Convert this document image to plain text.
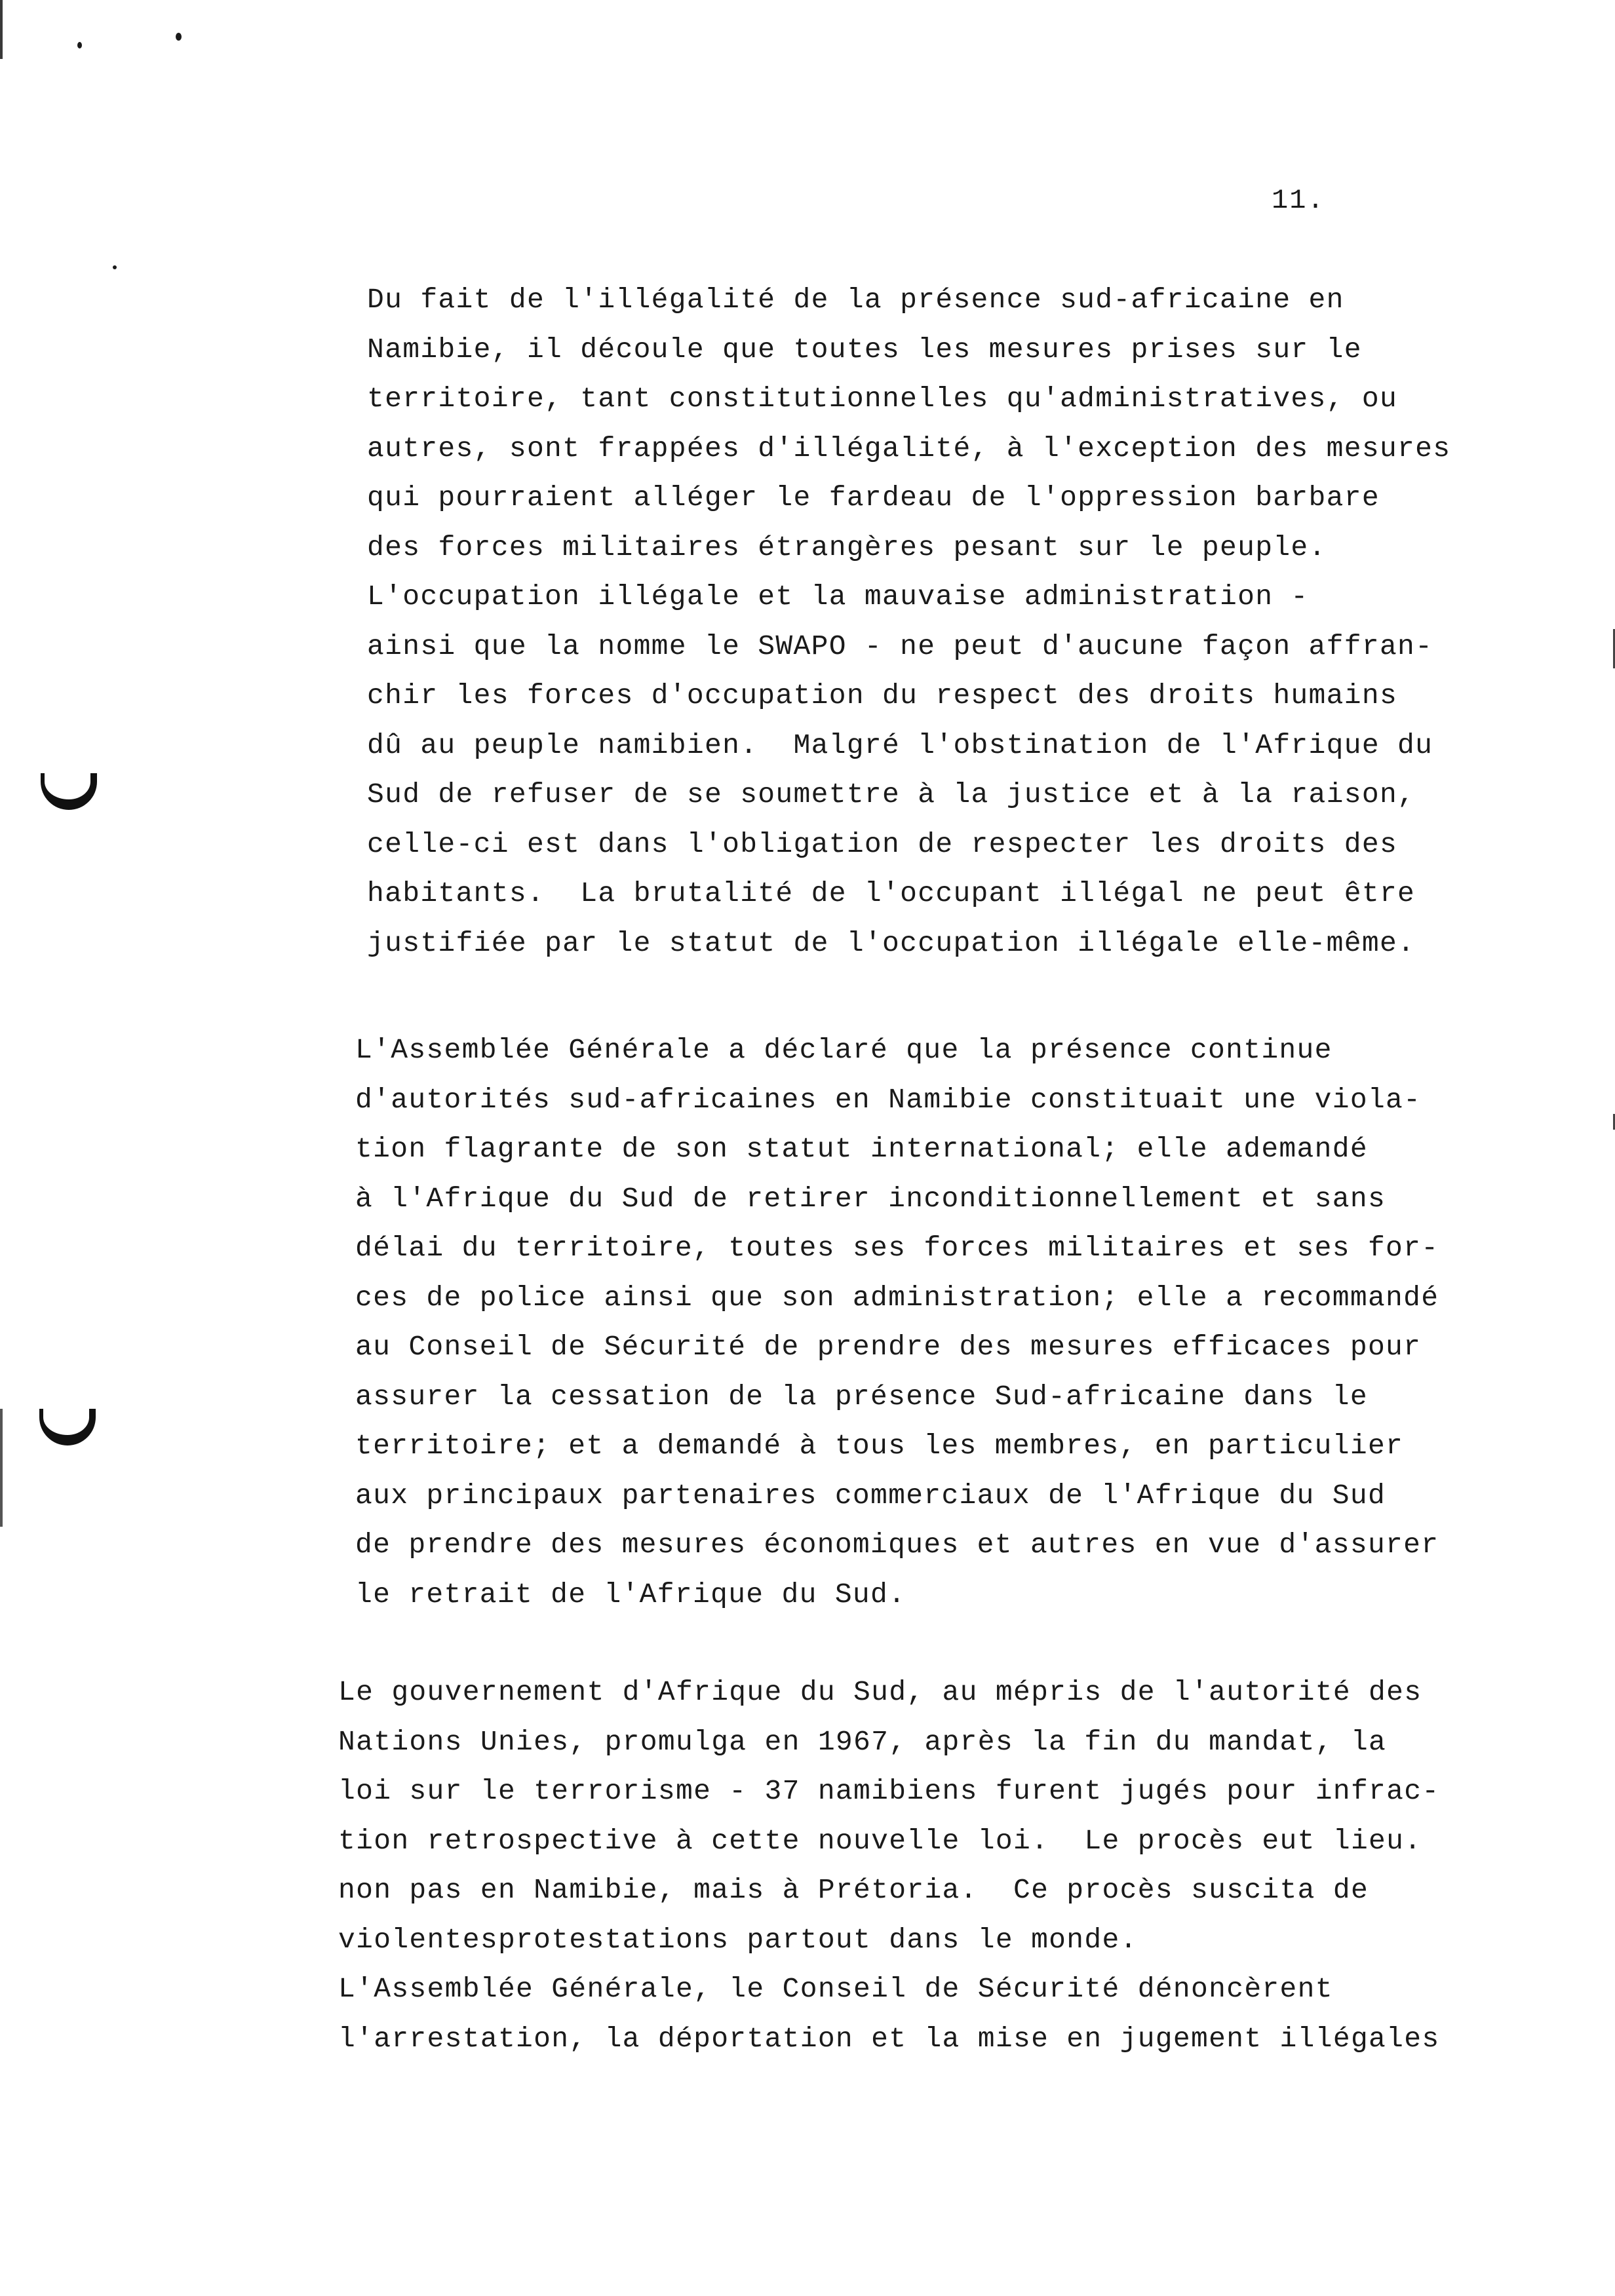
11.
Du fait de l'illégalité de la présence sud-africaine en
Namibie, il découle que toutes les mesures prises sur le
territoire, tant constitutionnelles qu'administratives, ou
autres, sont frappées d'illégalité, à l'exception des mesures
qui pourraient alléger le fardeau de l'oppression barbare
des forces militaires étrangères pesant sur le peuple.
L'occupation illégale et la mauvaise administration -
ainsi que la nomme le SWAPO - ne peut d'aucune façon affran-
chir les forces d'occupation du respect des droits humains
dû au peuple namibien.  Malgré l'obstination de l'Afrique du
Sud de refuser de se soumettre à la justice et à la raison,
celle-ci est dans l'obligation de respecter les droits des
habitants.  La brutalité de l'occupant illégal ne peut être
justifiée par le statut de l'occupation illégale elle-même.
L'Assemblée Générale a déclaré que la présence continue
d'autorités sud-africaines en Namibie constituait une viola-
tion flagrante de son statut international; elle ademandé
à l'Afrique du Sud de retirer inconditionnellement et sans
délai du territoire, toutes ses forces militaires et ses for-
ces de police ainsi que son administration; elle a recommandé
au Conseil de Sécurité de prendre des mesures efficaces pour
assurer la cessation de la présence Sud-africaine dans le
territoire; et a demandé à tous les membres, en particulier
aux principaux partenaires commerciaux de l'Afrique du Sud
de prendre des mesures économiques et autres en vue d'assurer
le retrait de l'Afrique du Sud.
Le gouvernement d'Afrique du Sud, au mépris de l'autorité des
Nations Unies, promulga en 1967, après la fin du mandat, la
loi sur le terrorisme - 37 namibiens furent jugés pour infrac-
tion retrospective à cette nouvelle loi.  Le procès eut lieu.
non pas en Namibie, mais à Prétoria.  Ce procès suscita de
violentesprotestations partout dans le monde.
L'Assemblée Générale, le Conseil de Sécurité dénoncèrent
l'arrestation, la déportation et la mise en jugement illégales
